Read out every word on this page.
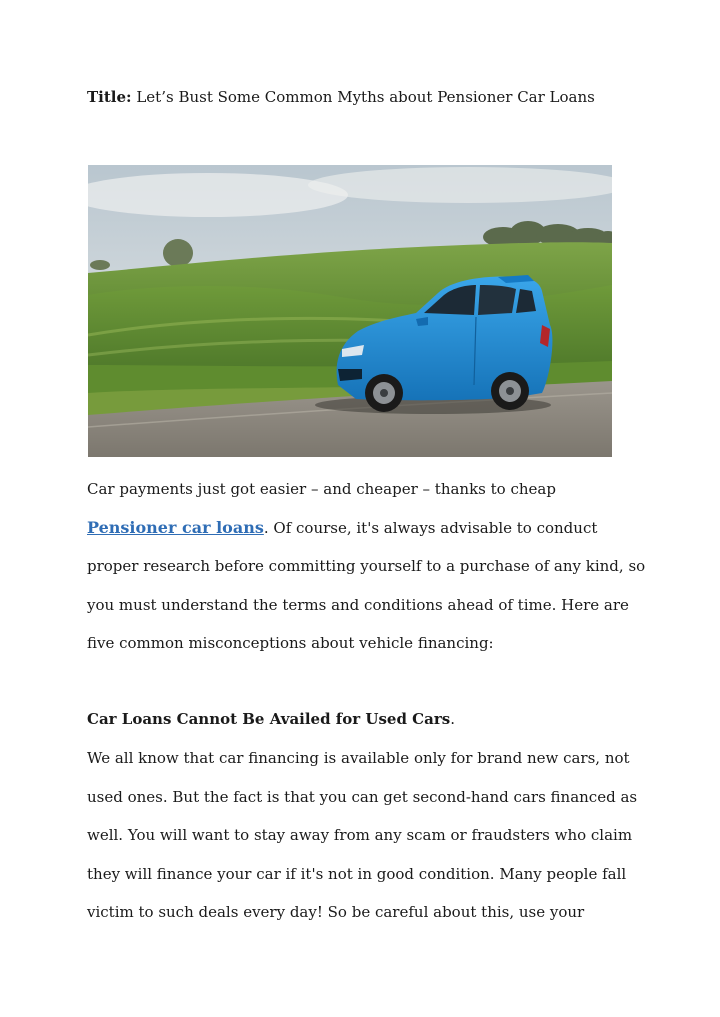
Title: Let’s Bust Some Common Myths about Pensioner Car Loans

Car payments just got easier – and cheaper – thanks to cheap
Pensioner car loans. Of course, it's always advisable to conduct
proper research before committing yourself to a purchase of any kind, so
you must understand the terms and conditions ahead of time. Here are
five common misconceptions about vehicle financing:

Car Loans Cannot Be Availed for Used Cars.

We all know that car financing is available only for brand new cars, not
used ones. But the fact is that you can get second-hand cars financed as
well. You will want to stay away from any scam or fraudsters who claim
they will finance your car if it's not in good condition. Many people fall
victim to such deals every day! So be careful about this, use your
